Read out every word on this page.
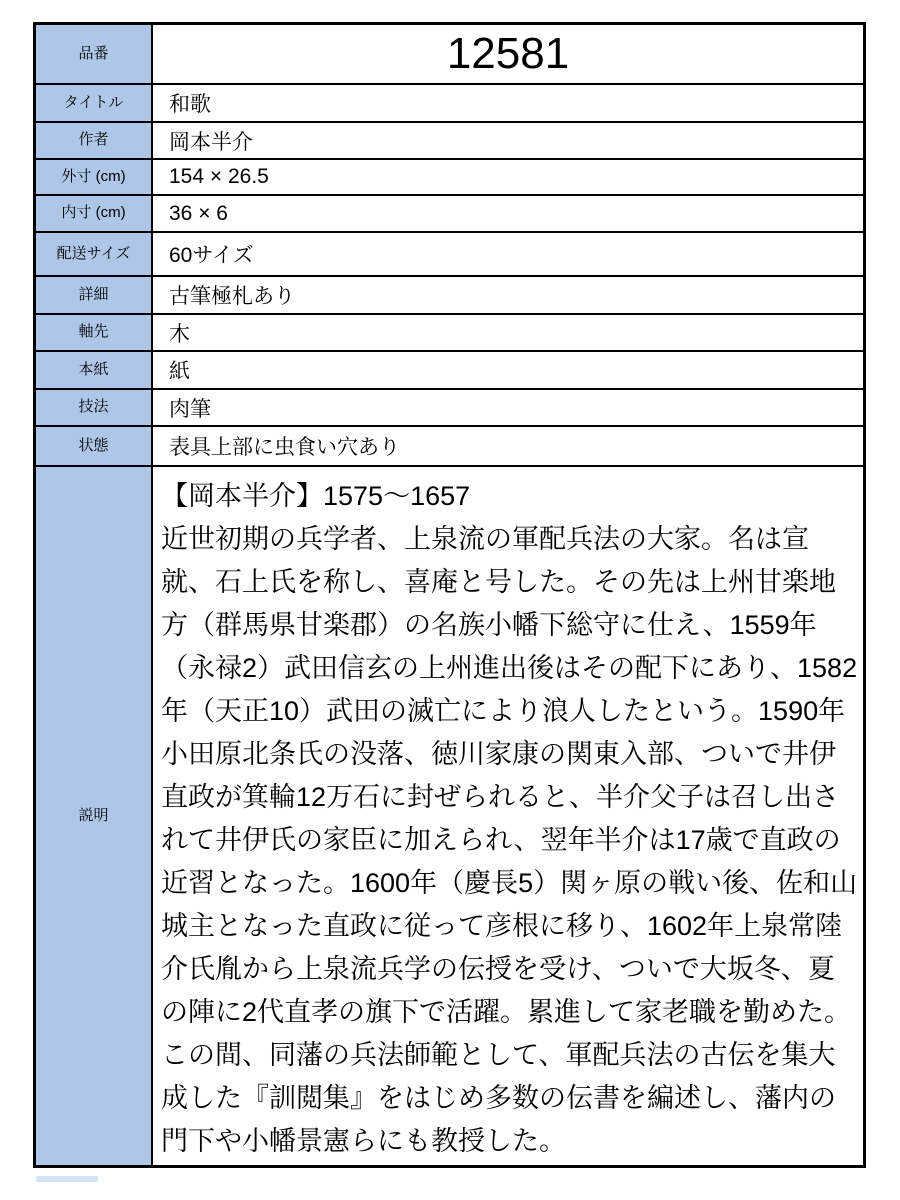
品番	12581
タイトル	和歌
作者	岡本半介
外寸 (cm)	154 × 26.5
内寸 (cm)	36 × 6
配送サイズ	60サイズ
詳細	古筆極札あり
軸先	木
本紙	紙
技法	肉筆
状態	表具上部に虫食い穴あり
説明
【岡本半介】1575～1657
近世初期の兵学者、上泉流の軍配兵法の大家。名は宣
就、石上氏を称し、喜庵と号した。その先は上州甘楽地
方（群馬県甘楽郡）の名族小幡下総守に仕え、1559年
（永禄2）武田信玄の上州進出後はその配下にあり、1582
年（天正10）武田の滅亡により浪人したという。1590年
小田原北条氏の没落、徳川家康の関東入部、ついで井伊
直政が箕輪12万石に封ぜられると、半介父子は召し出さ
れて井伊氏の家臣に加えられ、翌年半介は17歳で直政の
近習となった。1600年（慶長5）関ヶ原の戦い後、佐和山
城主となった直政に従って彦根に移り、1602年上泉常陸
介氏胤から上泉流兵学の伝授を受け、ついで大坂冬、夏
の陣に2代直孝の旗下で活躍。累進して家老職を勤めた。
この間、同藩の兵法師範として、軍配兵法の古伝を集大
成した『訓閲集』をはじめ多数の伝書を編述し、藩内の
門下や小幡景憲らにも教授した。
